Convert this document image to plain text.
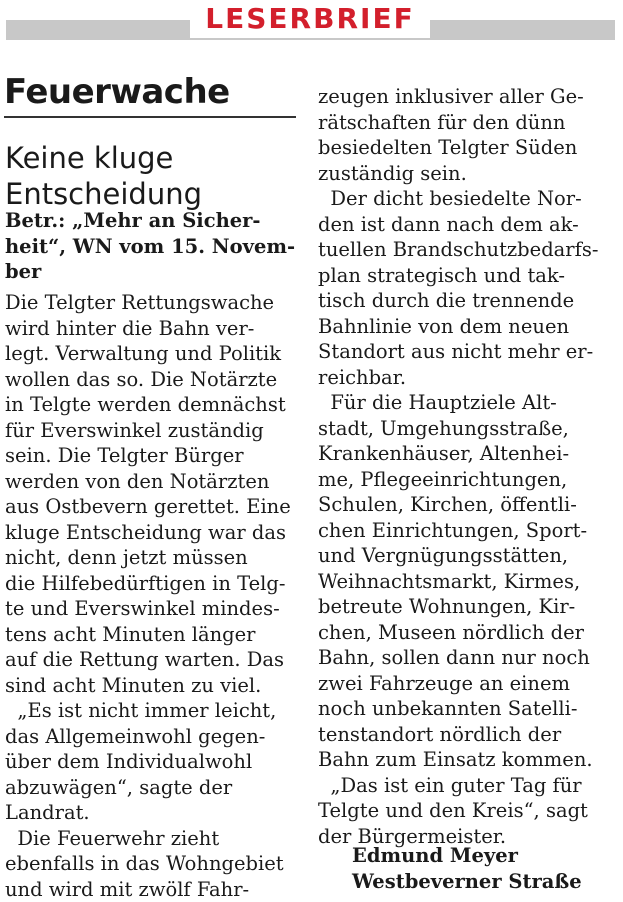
LESERBRIEF
Feuerwache
Keine kluge
Entscheidung
Betr.: „Mehr an Sicher-
heit“, WN vom 15. Novem-
ber
Die Telgter Rettungswache
wird hinter die Bahn ver-
legt. Verwaltung und Politik
wollen das so. Die Notärzte
in Telgte werden demnächst
für Everswinkel zuständig
sein. Die Telgter Bürger
werden von den Notärzten
aus Ostbevern gerettet. Eine
kluge Entscheidung war das
nicht, denn jetzt müssen
die Hilfebedürftigen in Telg-
te und Everswinkel mindes-
tens acht Minuten länger
auf die Rettung warten. Das
sind acht Minuten zu viel.
„Es ist nicht immer leicht,
das Allgemeinwohl gegen-
über dem Individualwohl
abzuwägen“, sagte der
Landrat.
Die Feuerwehr zieht
ebenfalls in das Wohngebiet
und wird mit zwölf Fahr-
zeugen inklusiver aller Ge-
rätschaften für den dünn
besiedelten Telgter Süden
zuständig sein.
Der dicht besiedelte Nor-
den ist dann nach dem ak-
tuellen Brandschutzbedarfs-
plan strategisch und tak-
tisch durch die trennende
Bahnlinie von dem neuen
Standort aus nicht mehr er-
reichbar.
Für die Hauptziele Alt-
stadt, Umgehungsstraße,
Krankenhäuser, Altenhei-
me, Pflegeeinrichtungen,
Schulen, Kirchen, öffentli-
chen Einrichtungen, Sport-
und Vergnügungsstätten,
Weihnachtsmarkt, Kirmes,
betreute Wohnungen, Kir-
chen, Museen nördlich der
Bahn, sollen dann nur noch
zwei Fahrzeuge an einem
noch unbekannten Satelli-
tenstandort nördlich der
Bahn zum Einsatz kommen.
„Das ist ein guter Tag für
Telgte und den Kreis“, sagt
der Bürgermeister.
Edmund Meyer
Westbeverner Straße
